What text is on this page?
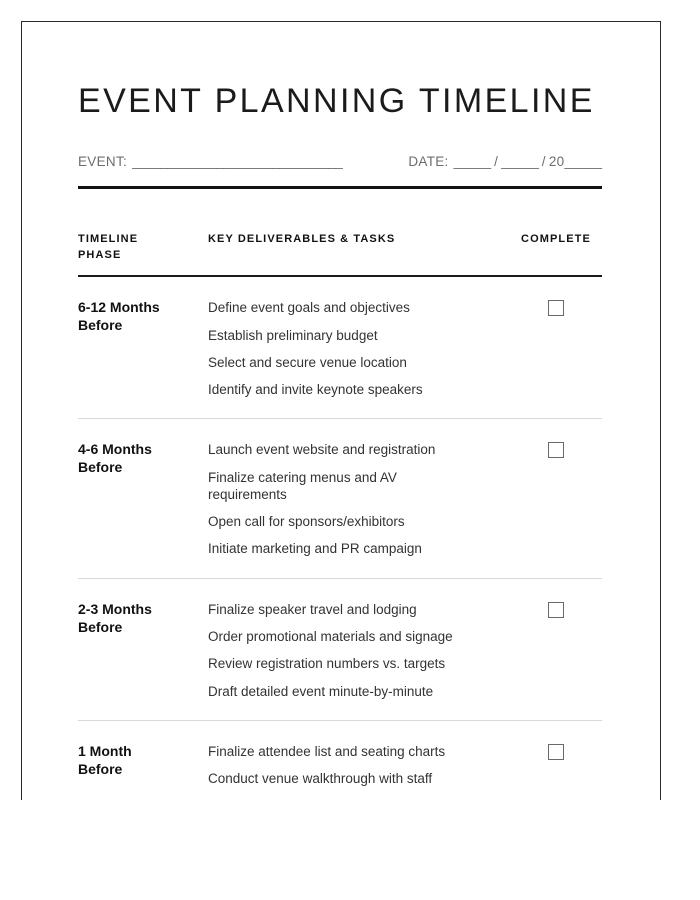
EVENT PLANNING TIMELINE
EVENT: ______________________________	DATE: _____ / _____ / 20 _____
TIMELINE
PHASE
KEY DELIVERABLES & TASKS	COMPLETE
6-12 Months
Before
Define event goals and objectives
Establish preliminary budget
Select and secure venue location
Identify and invite keynote speakers
4-6 Months
Before
Launch event website and registration
Finalize catering menus and AV requirements
Open call for sponsors/exhibitors
Initiate marketing and PR campaign
2-3 Months
Before
Finalize speaker travel and lodging
Order promotional materials and signage
Review registration numbers vs. targets
Draft detailed event minute-by-minute
1 Month
Before
Finalize attendee list and seating charts
Conduct venue walkthrough with staff
